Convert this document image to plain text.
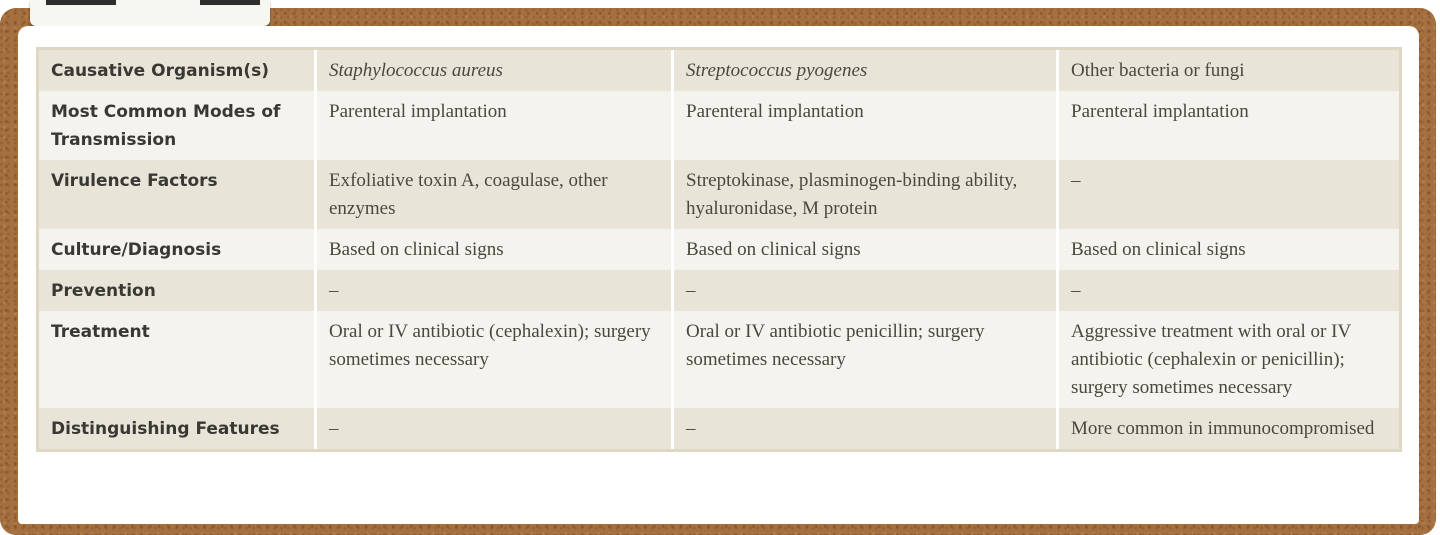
Causative Organism(s)	Staphylococcus aureus	Streptococcus pyogenes	Other bacteria or fungi
Most Common Modes of Transmission	Parenteral implantation	Parenteral implantation	Parenteral implantation
Virulence Factors	Exfoliative toxin A, coagulase, other enzymes	Streptokinase, plasminogen-binding ability, hyaluronidase, M protein	–
Culture/Diagnosis	Based on clinical signs	Based on clinical signs	Based on clinical signs
Prevention	–	–	–
Treatment	Oral or IV antibiotic (cephalexin); surgery sometimes necessary	Oral or IV antibiotic penicillin; surgery sometimes necessary	Aggressive treatment with oral or IV antibiotic (cephalexin or penicillin); surgery sometimes necessary
Distinguishing Features	–	–	More common in immunocompromised
